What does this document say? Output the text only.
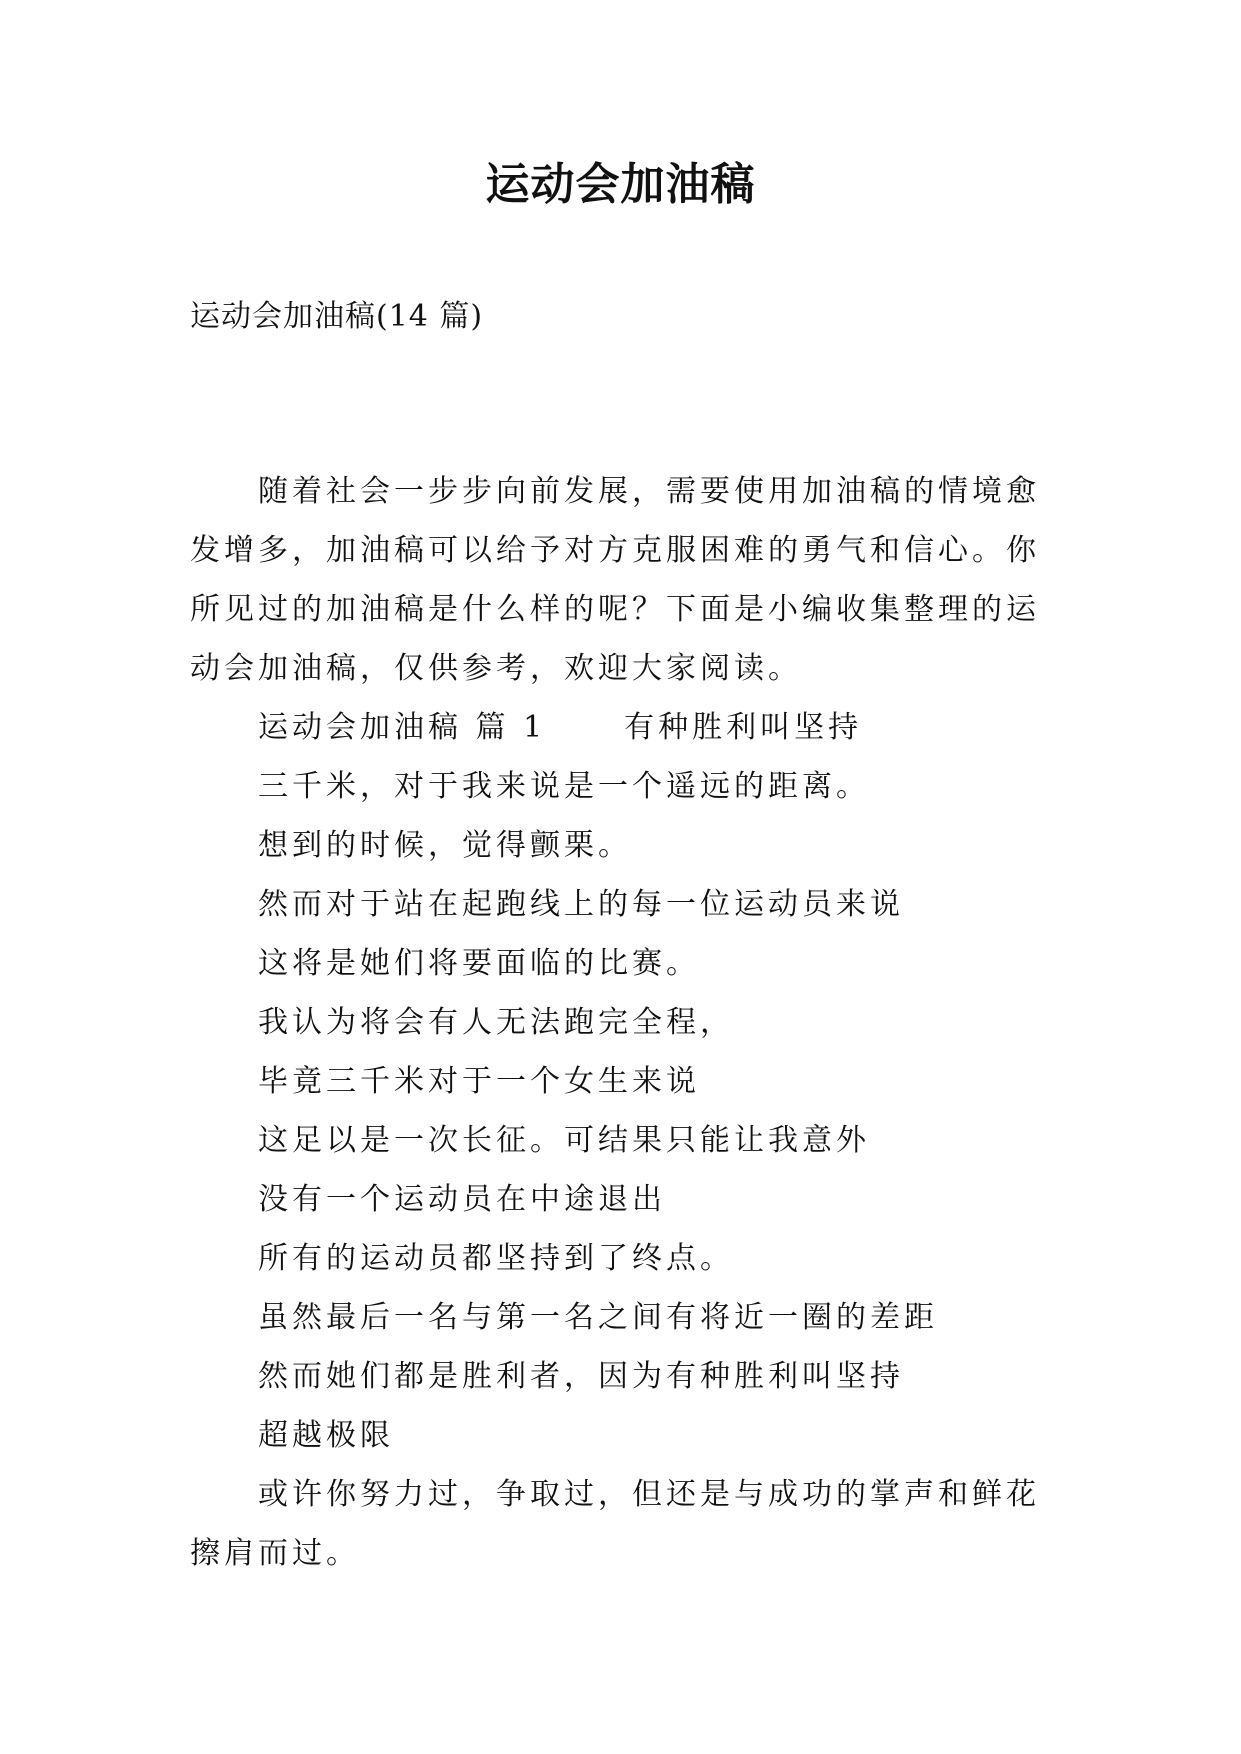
运动会加油稿
运动会加油稿(14 篇)

随着社会一步步向前发展，需要使用加油稿的情境愈发增多，加油稿可以给予对方克服困难的勇气和信心。你所见过的加油稿是什么样的呢？下面是小编收集整理的运动会加油稿，仅供参考，欢迎大家阅读。

运动会加油稿 篇 1	有种胜利叫坚持

三千米，对于我来说是一个遥远的距离。

想到的时候，觉得颤栗。

然而对于站在起跑线上的每一位运动员来说

这将是她们将要面临的比赛。

我认为将会有人无法跑完全程，

毕竟三千米对于一个女生来说

这足以是一次长征。可结果只能让我意外

没有一个运动员在中途退出

所有的运动员都坚持到了终点。

虽然最后一名与第一名之间有将近一圈的差距

然而她们都是胜利者，因为有种胜利叫坚持

超越极限

或许你努力过，争取过，但还是与成功的掌声和鲜花擦肩而过。
